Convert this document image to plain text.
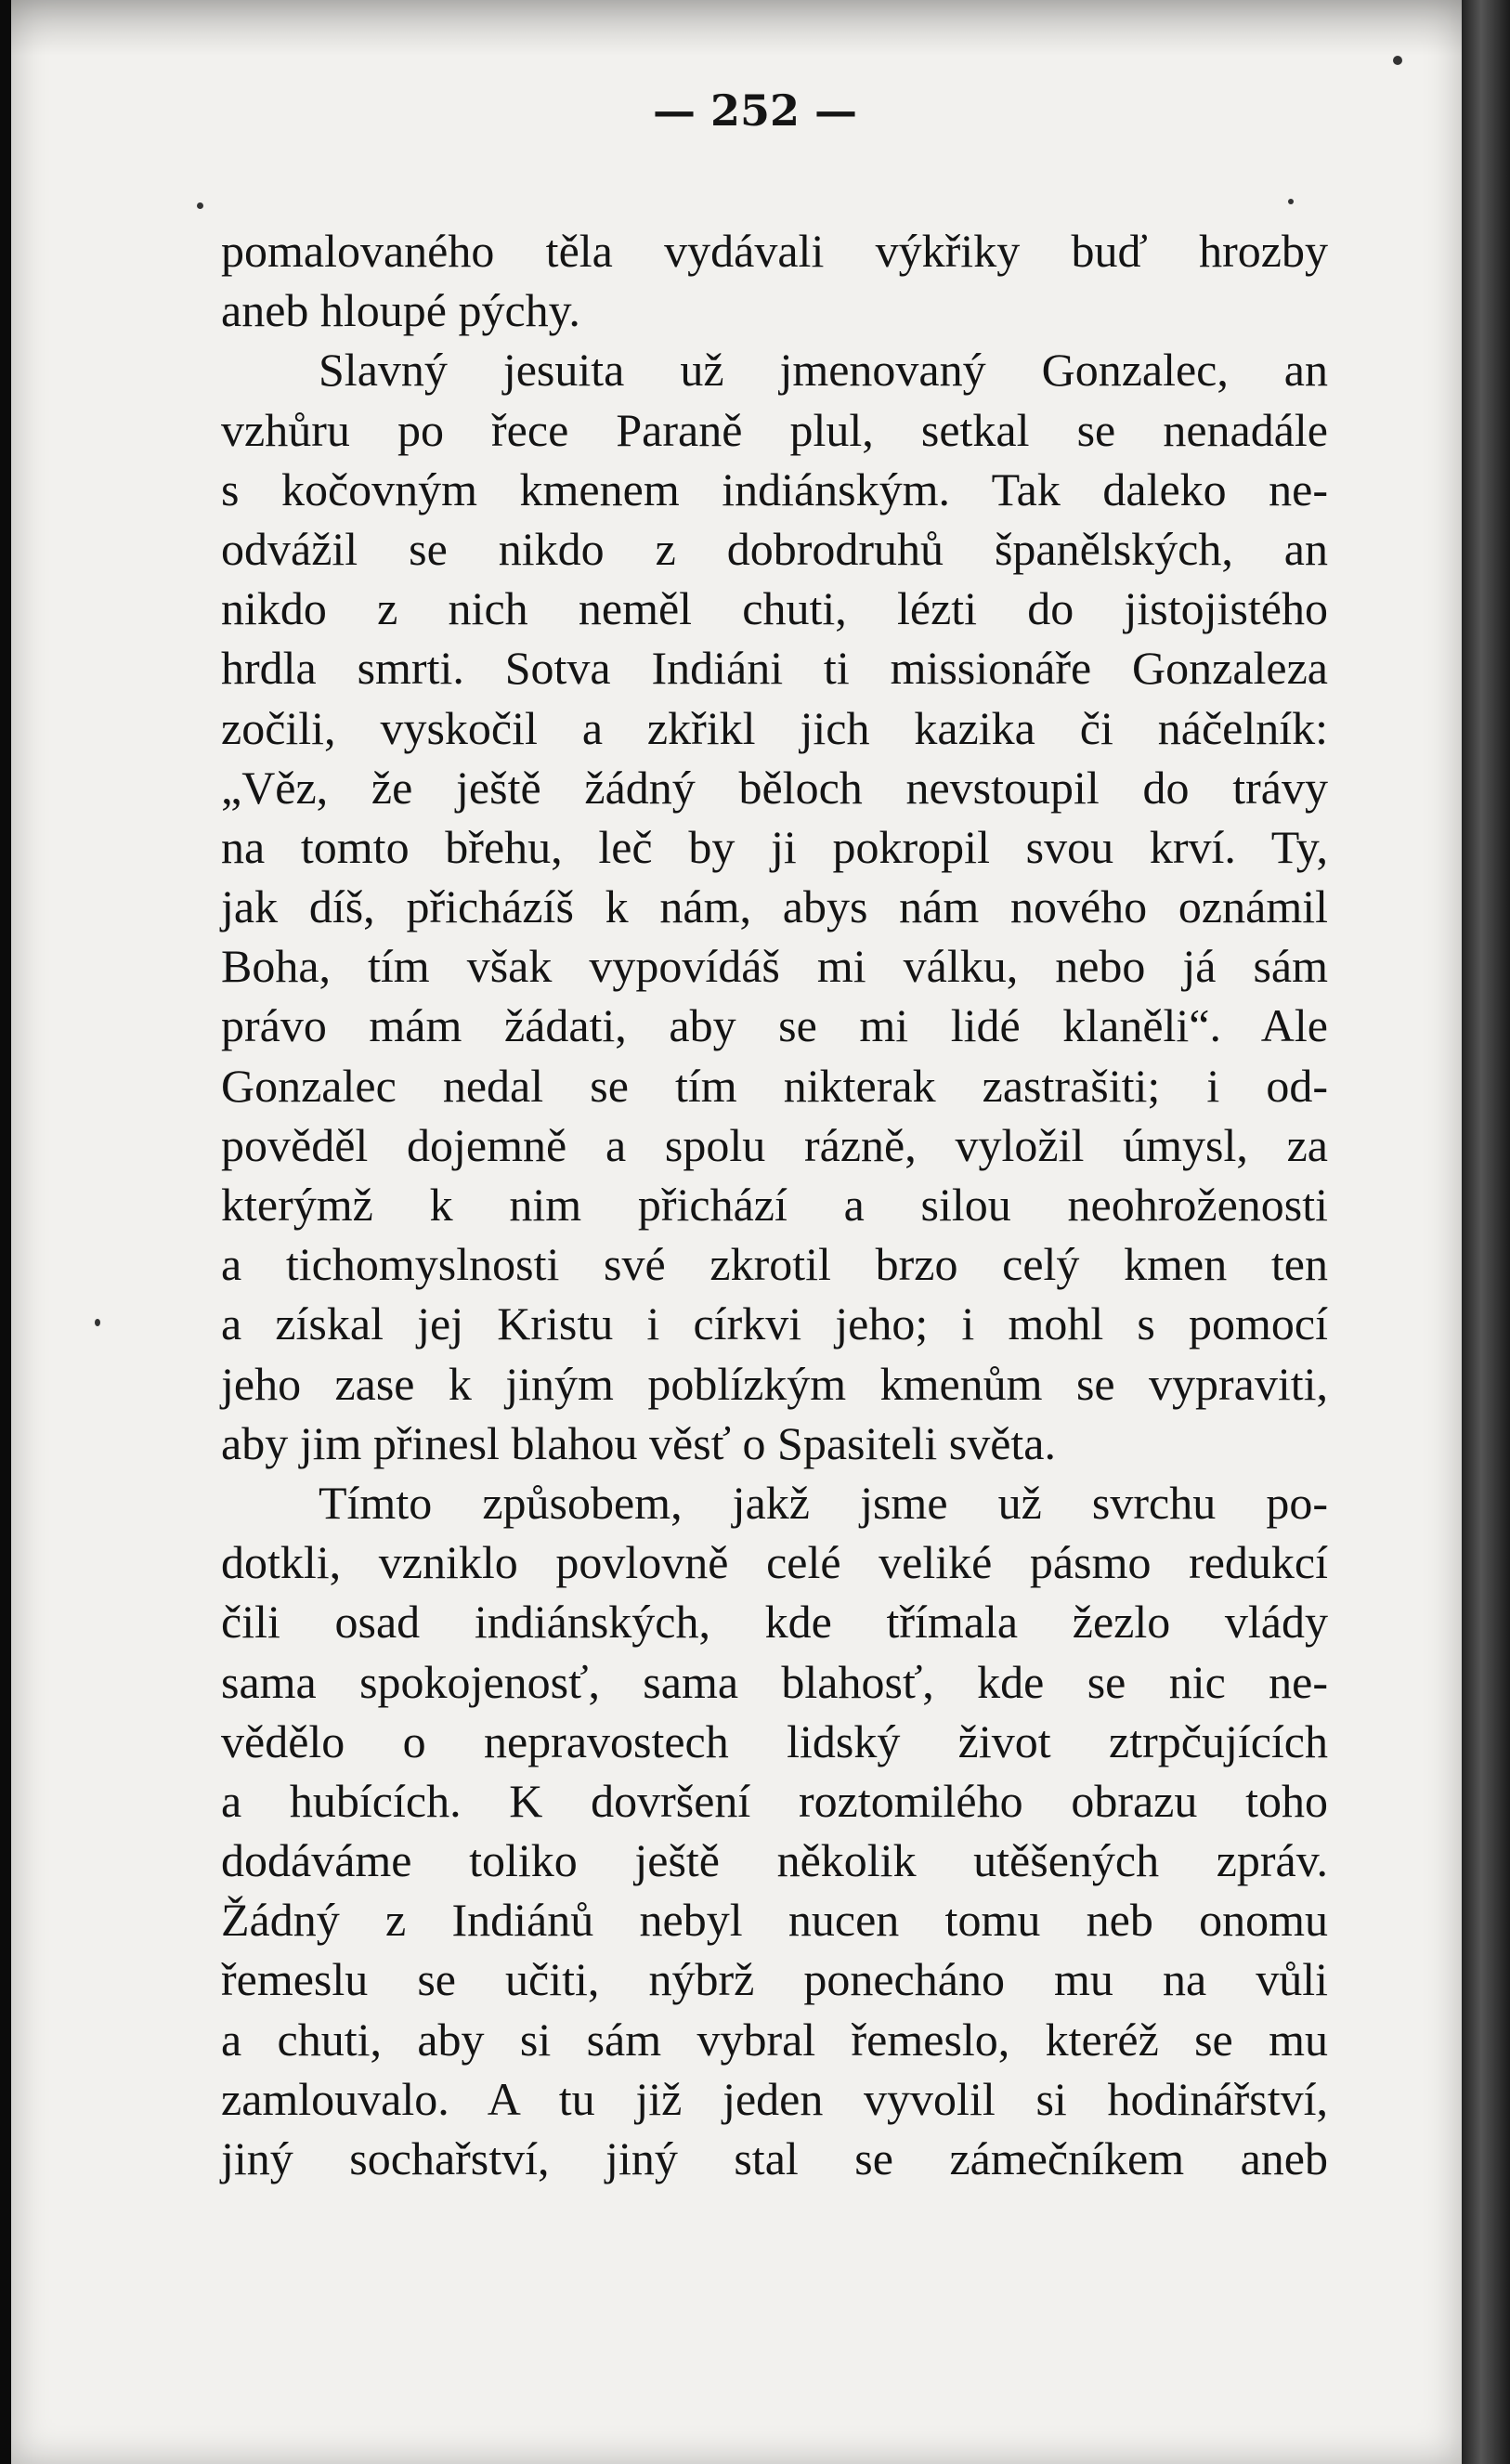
— 252 —
pomalovaného těla vydávali výkřiky buď hrozby
aneb hloupé pýchy.
Slavný jesuita už jmenovaný Gonzalec, an
vzhůru po řece Paraně plul, setkal se nenadále
s kočovným kmenem indiánským. Tak daleko ne-
odvážil se nikdo z dobrodruhů španělských, an
nikdo z nich neměl chuti, lézti do jistojistého
hrdla smrti. Sotva Indiáni ti missionáře Gonzaleza
zočili, vyskočil a zkřikl jich kazika či náčelník:
„Věz, že ještě žádný běloch nevstoupil do trávy
na tomto břehu, leč by ji pokropil svou krví. Ty,
jak díš, přicházíš k nám, abys nám nového oznámil
Boha, tím však vypovídáš mi válku, nebo já sám
právo mám žádati, aby se mi lidé klaněli“. Ale
Gonzalec nedal se tím nikterak zastrašiti; i od-
pověděl dojemně a spolu rázně, vyložil úmysl, za
kterýmž k nim přichází a silou neohroženosti
a tichomyslnosti své zkrotil brzo celý kmen ten
a získal jej Kristu i církvi jeho; i mohl s pomocí
jeho zase k jiným poblízkým kmenům se vypraviti,
aby jim přinesl blahou věsť o Spasiteli světa.
Tímto způsobem, jakž jsme už svrchu po-
dotkli, vzniklo povlovně celé veliké pásmo redukcí
čili osad indiánských, kde třímala žezlo vlády
sama spokojenosť, sama blahosť, kde se nic ne-
vědělo o nepravostech lidský život ztrpčujících
a hubících. K dovršení roztomilého obrazu toho
dodáváme toliko ještě několik utěšených zpráv.
Žádný z Indiánů nebyl nucen tomu neb onomu
řemeslu se učiti, nýbrž ponecháno mu na vůli
a chuti, aby si sám vybral řemeslo, kteréž se mu
zamlouvalo. A tu již jeden vyvolil si hodinářství,
jiný sochařství, jiný stal se zámečníkem aneb
